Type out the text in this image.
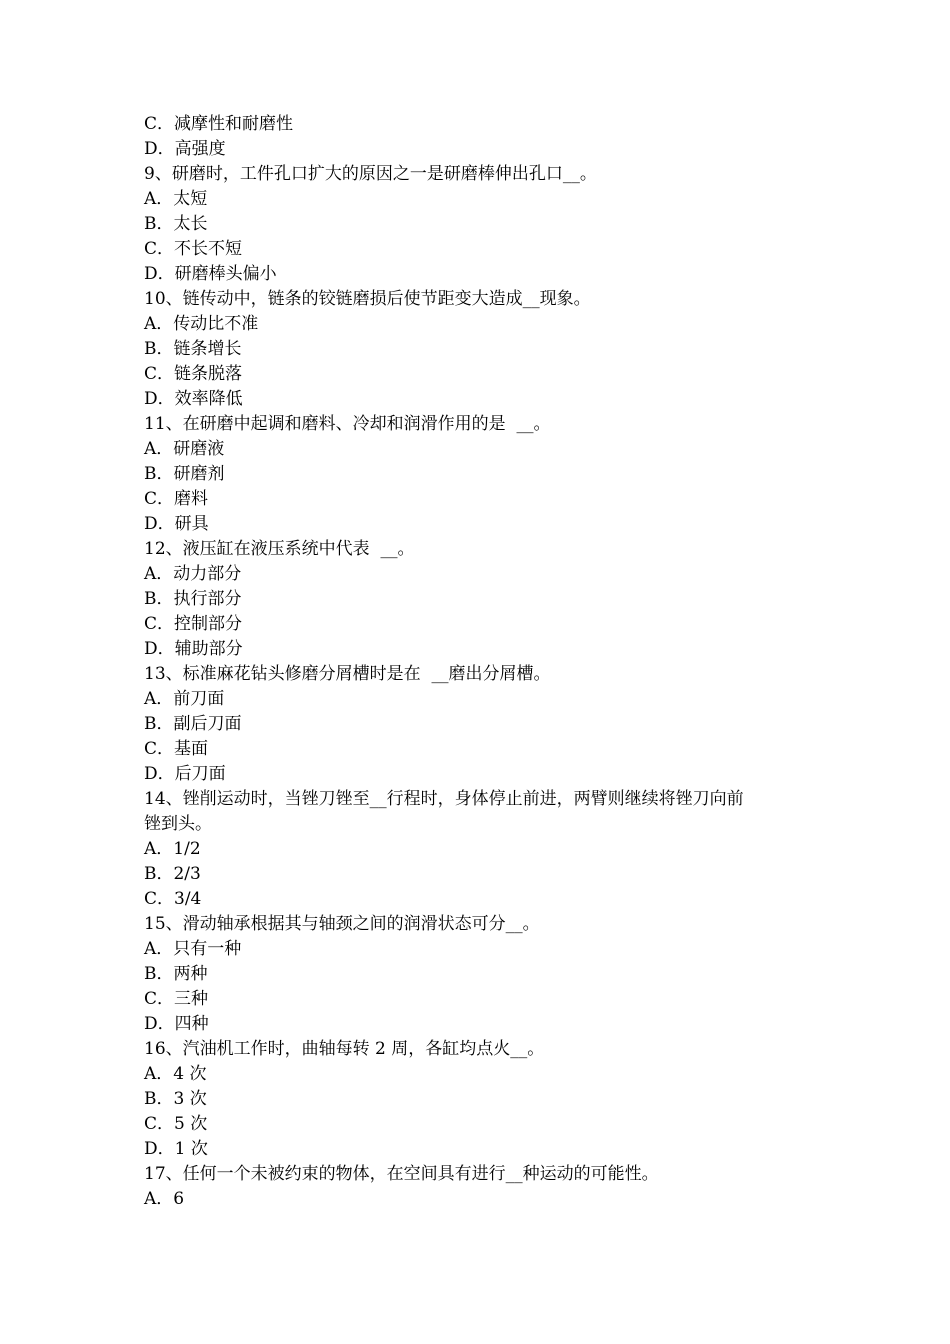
C．减摩性和耐磨性
D．高强度
9、研磨时，工件孔口扩大的原因之一是研磨棒伸出孔口__。
A．太短
B．太长
C．不长不短
D．研磨棒头偏小
10、链传动中，链条的铰链磨损后使节距变大造成__现象。
A．传动比不准
B．链条增长
C．链条脱落
D．效率降低
11、在研磨中起调和磨料、冷却和润滑作用的是  __。
A．研磨液
B．研磨剂
C．磨料
D．研具
12、液压缸在液压系统中代表  __。
A．动力部分
B．执行部分
C．控制部分
D．辅助部分
13、标准麻花钻头修磨分屑槽时是在  __磨出分屑槽。
A．前刀面
B．副后刀面
C．基面
D．后刀面
14、锉削运动时，当锉刀锉至__行程时，身体停止前进，两臂则继续将锉刀向前
锉到头。
A．1/2
B．2/3
C．3/4
15、滑动轴承根据其与轴颈之间的润滑状态可分__。
A．只有一种
B．两种
C．三种
D．四种
16、汽油机工作时，曲轴每转 2 周，各缸均点火__。
A．4 次
B．3 次
C．5 次
D．1 次
17、任何一个未被约束的物体，在空间具有进行__种运动的可能性。
A．6
